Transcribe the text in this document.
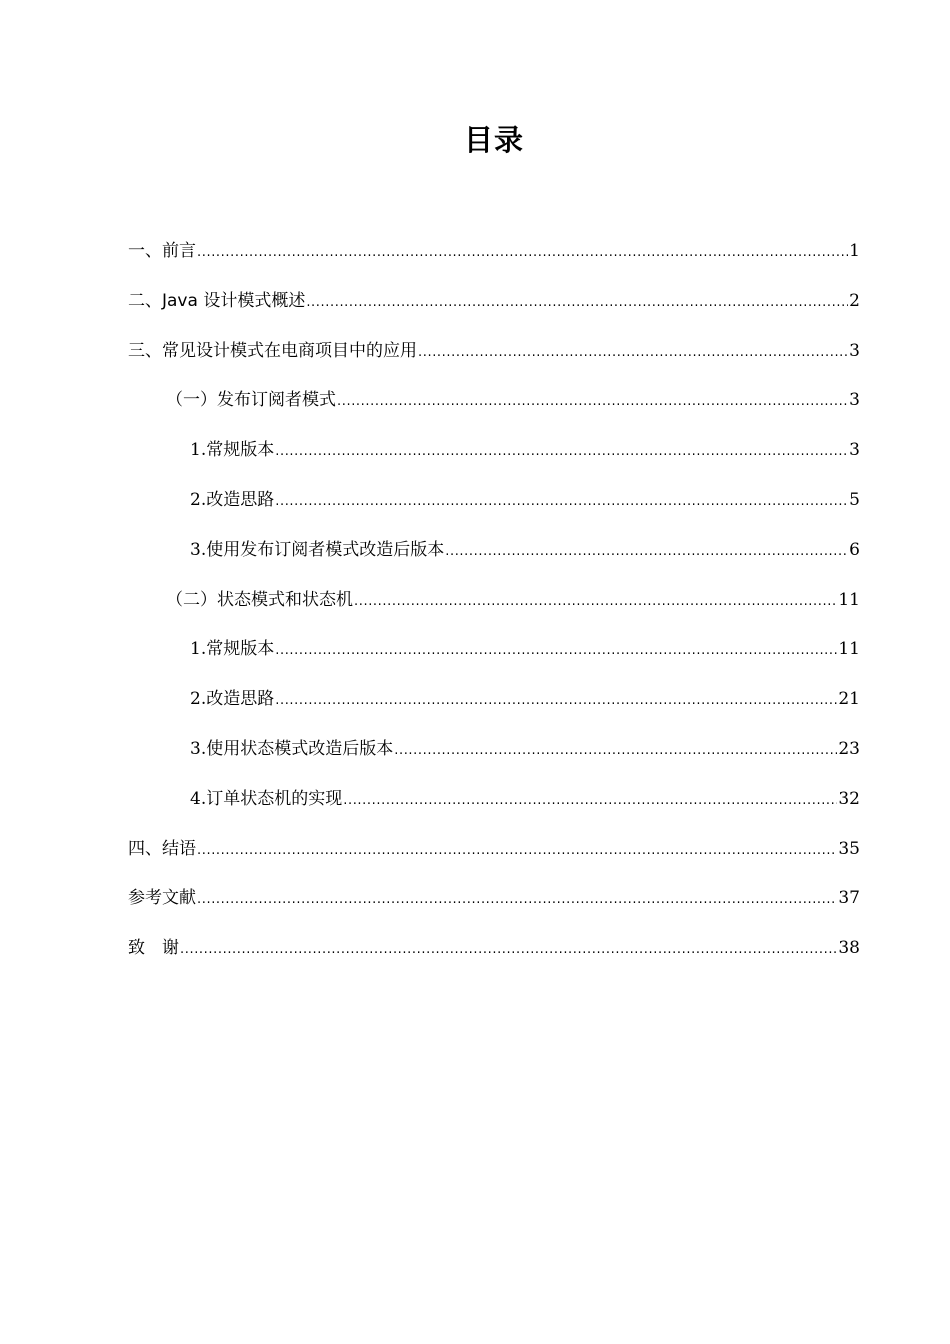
目录
一、前言 .....	1
二、Java 设计模式概述 .....	2
三、常见设计模式在电商项目中的应用 .....	3
（一）发布订阅者模式 .....	3
1.常规版本 .....	3
2.改造思路 .....	5
3.使用发布订阅者模式改造后版本 .....	6
（二）状态模式和状态机 .....	11
1.常规版本 .....	11
2.改造思路 .....	21
3.使用状态模式改造后版本 .....	23
4.订单状态机的实现 .....	32
四、结语 .....	35
参考文献 .....	37
致　谢 .....	38
